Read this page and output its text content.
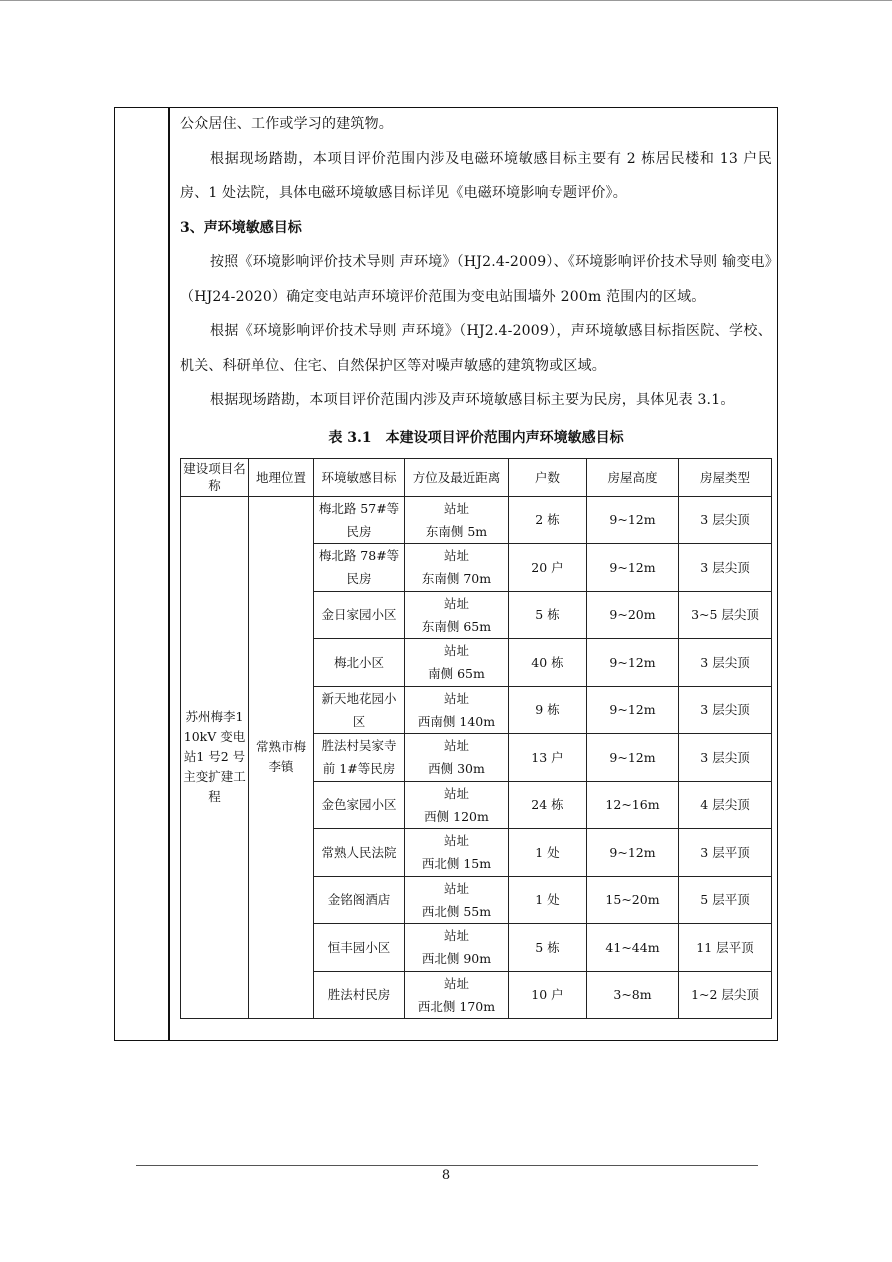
公众居住、工作或学习的建筑物。

根据现场踏勘，本项目评价范围内涉及电磁环境敏感目标主要有 2 栋居民楼和 13 户民房、1 处法院，具体电磁环境敏感目标详见《电磁环境影响专题评价》。

3、声环境敏感目标

按照《环境影响评价技术导则 声环境》（HJ2.4-2009）、《环境影响评价技术导则 输变电》（HJ24-2020）确定变电站声环境评价范围为变电站围墙外 200m 范围内的区域。

根据《环境影响评价技术导则 声环境》（HJ2.4-2009），声环境敏感目标指医院、学校、机关、科研单位、住宅、自然保护区等对噪声敏感的建筑物或区域。

根据现场踏勘，本项目评价范围内涉及声环境敏感目标主要为民房，具体见表 3.1。

表 3.1　本建设项目评价范围内声环境敏感目标

建设项目名称	地理位置	环境敏感目标	方位及最近距离	户数	房屋高度	房屋类型
苏州梅李110kV 变电站1 号2 号主变扩建工程	常熟市梅李镇	梅北路 57#等民房	站址
东南侧 5m	2 栋	9~12m	3 层尖顶
		梅北路 78#等民房	站址
东南侧 70m	20 户	9~12m	3 层尖顶
		金日家园小区	站址
东南侧 65m	5 栋	9~20m	3~5 层尖顶
		梅北小区	站址
南侧 65m	40 栋	9~12m	3 层尖顶
		新天地花园小区	站址
西南侧 140m	9 栋	9~12m	3 层尖顶
		胜法村吴家寺前 1#等民房	站址
西侧 30m	13 户	9~12m	3 层尖顶
		金色家园小区	站址
西侧 120m	24 栋	12~16m	4 层尖顶
		常熟人民法院	站址
西北侧 15m	1 处	9~12m	3 层平顶
		金铭阁酒店	站址
西北侧 55m	1 处	15~20m	5 层平顶
		恒丰园小区	站址
西北侧 90m	5 栋	41~44m	11 层平顶
		胜法村民房	站址
西北侧 170m	10 户	3~8m	1~2 层尖顶
8
